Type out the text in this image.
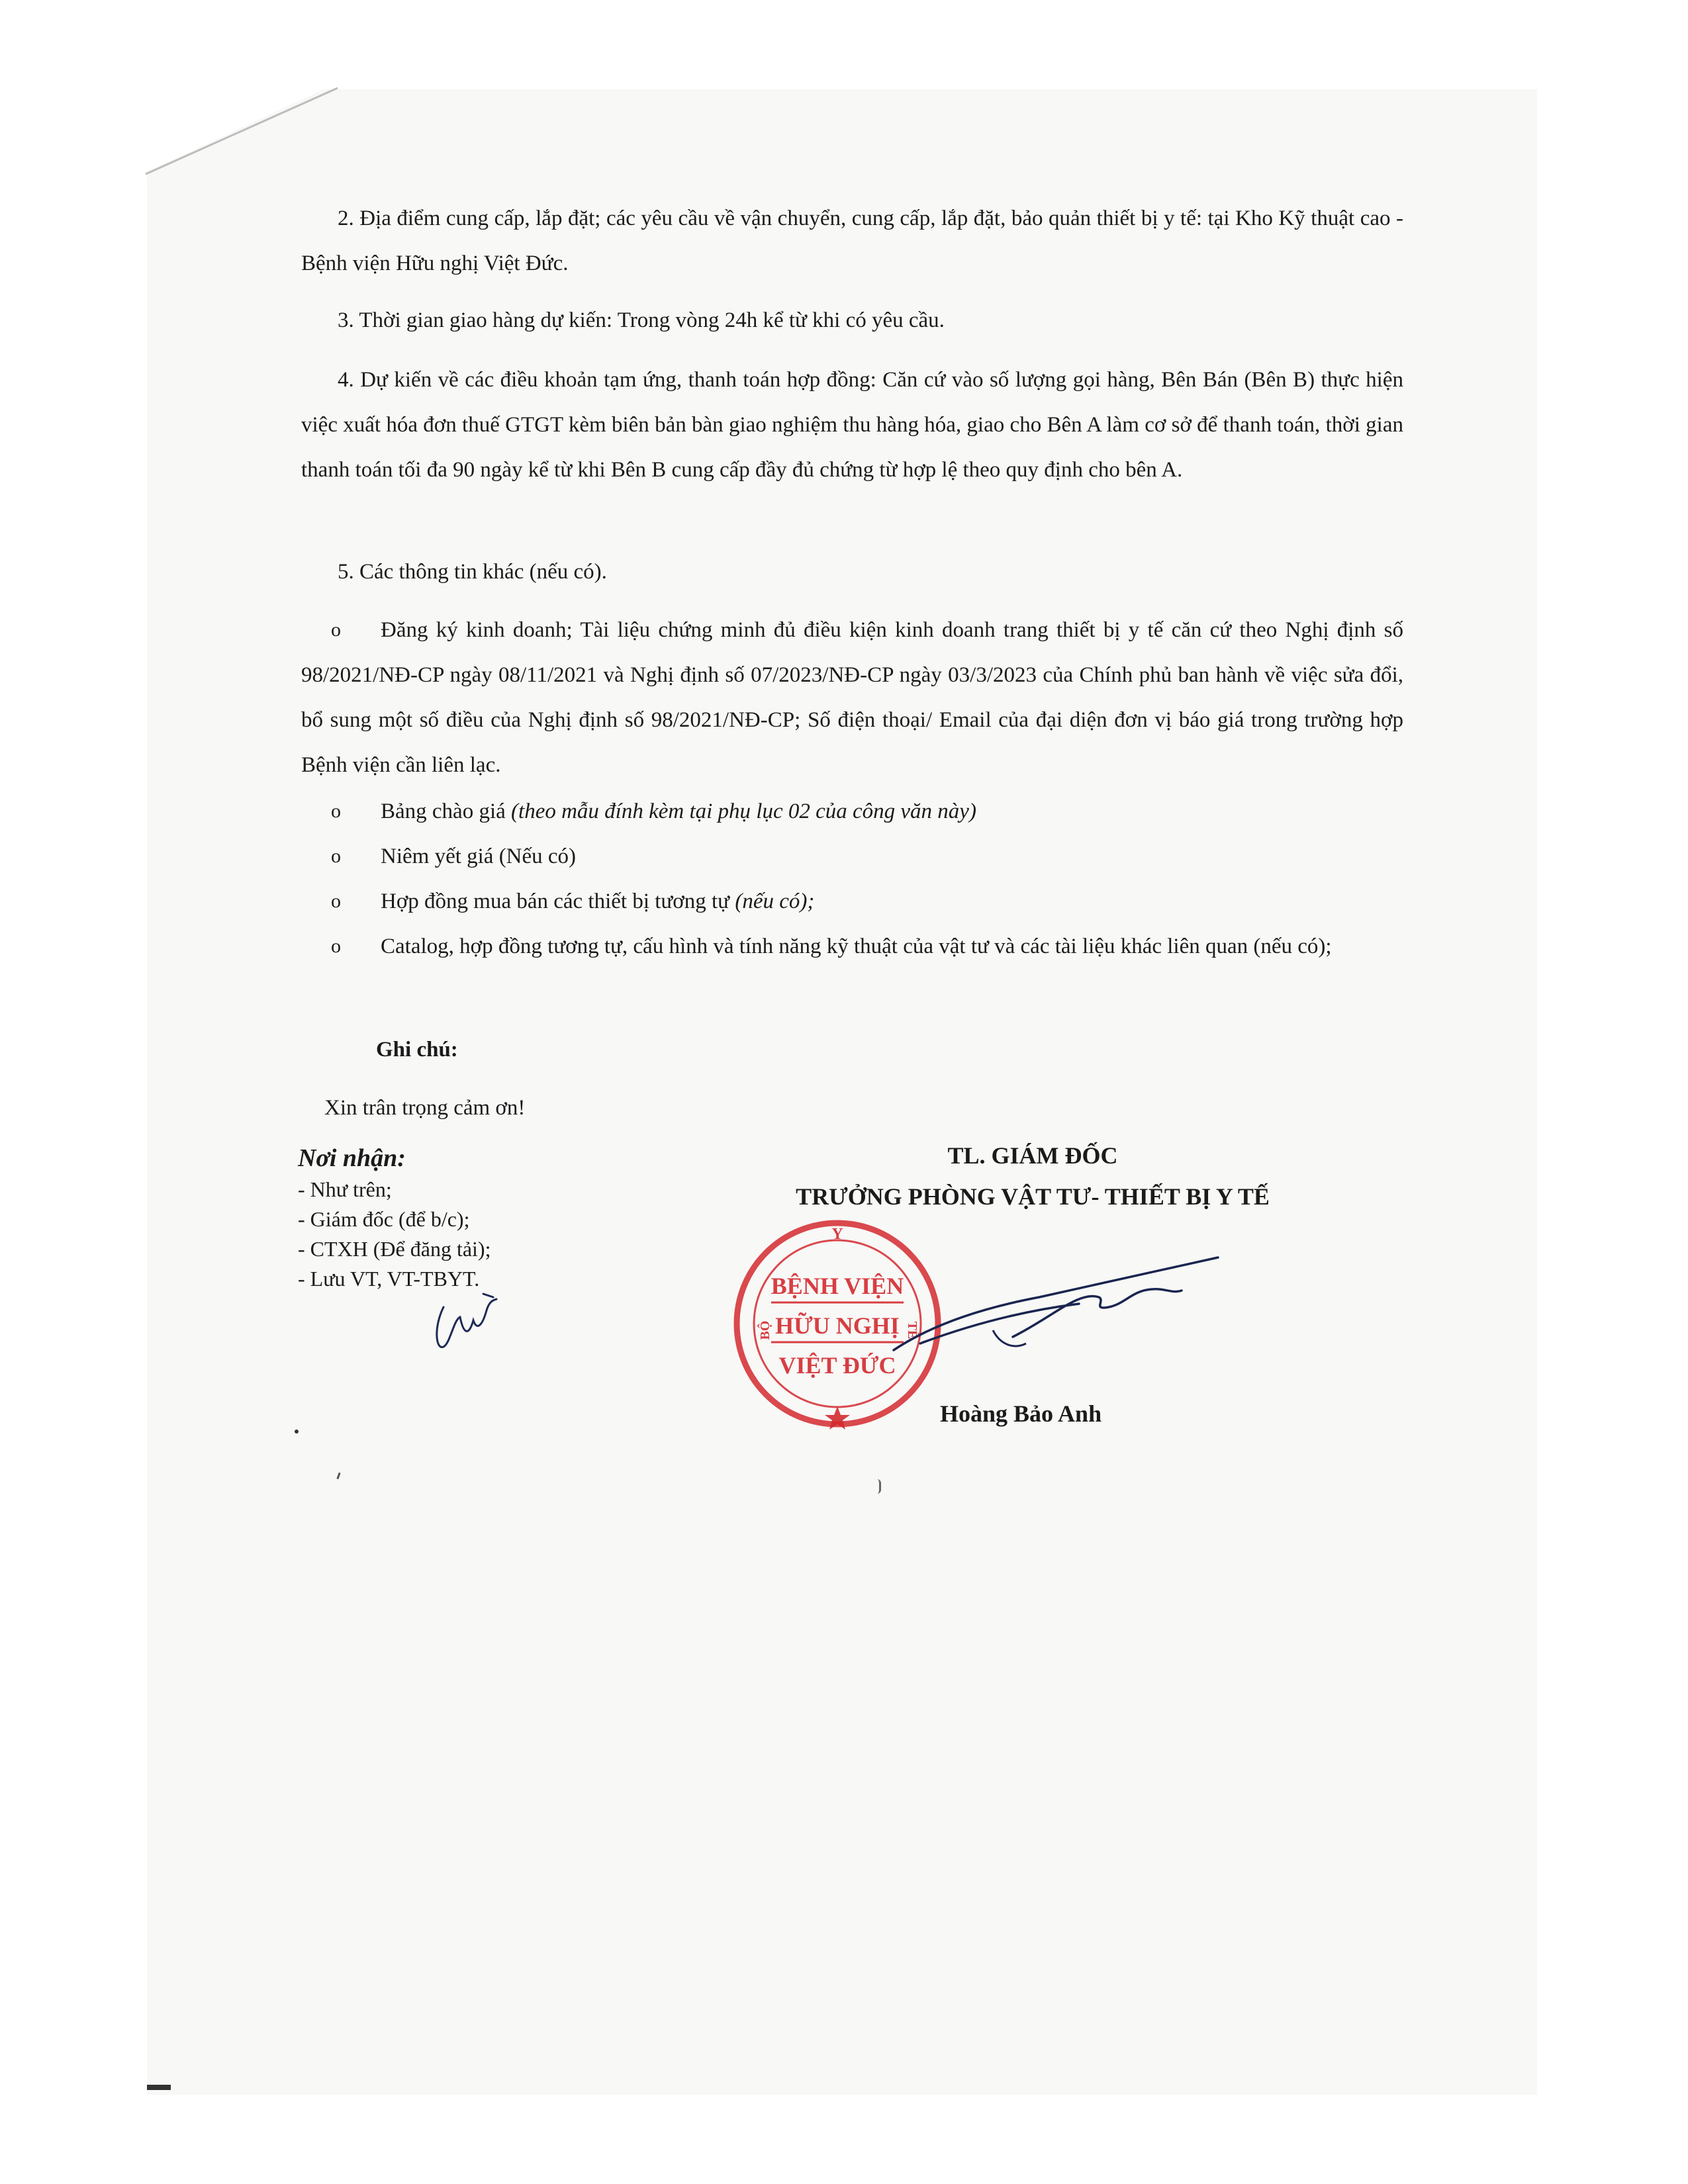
2. Địa điểm cung cấp, lắp đặt; các yêu cầu về vận chuyển, cung cấp, lắp đặt, bảo quản thiết bị y tế: tại Kho Kỹ thuật cao - Bệnh viện Hữu nghị Việt Đức.
3. Thời gian giao hàng dự kiến: Trong vòng 24h kể từ khi có yêu cầu.
4. Dự kiến về các điều khoản tạm ứng, thanh toán hợp đồng: Căn cứ vào số lượng gọi hàng, Bên Bán (Bên B) thực hiện việc xuất hóa đơn thuế GTGT kèm biên bản bàn giao nghiệm thu hàng hóa, giao cho Bên A làm cơ sở để thanh toán, thời gian thanh toán tối đa 90 ngày kể từ khi Bên B cung cấp đầy đủ chứng từ hợp lệ theo quy định cho bên A.
5. Các thông tin khác (nếu có).
o	Đăng ký kinh doanh; Tài liệu chứng minh đủ điều kiện kinh doanh trang thiết bị y tế căn cứ theo Nghị định số 98/2021/NĐ-CP ngày 08/11/2021 và Nghị định số 07/2023/NĐ-CP ngày 03/3/2023 của Chính phủ ban hành về việc sửa đổi, bổ sung một số điều của Nghị định số 98/2021/NĐ-CP; Số điện thoại/ Email của đại diện đơn vị báo giá trong trường hợp Bệnh viện cần liên lạc.
o Bảng chào giá (theo mẫu đính kèm tại phụ lục 02 của công văn này)
o Niêm yết giá (Nếu có)
o Hợp đồng mua bán các thiết bị tương tự (nếu có);
o	Catalog, hợp đồng tương tự, cấu hình và tính năng kỹ thuật của vật tư và các tài liệu khác liên quan (nếu có);
Ghi chú:
Xin trân trọng cảm ơn!
Nơi nhận:
- Như trên;
- Giám đốc (để b/c);
- CTXH (Để đăng tải);
- Lưu VT, VT-TBYT.
TL. GIÁM ĐỐC
TRƯỞNG PHÒNG VẬT TƯ- THIẾT BỊ Y TẾ
Y
BỘ	TẾ
BỆNH VIỆN
HỮU NGHỊ
VIỆT ĐỨC
Hoàng Bảo Anh
